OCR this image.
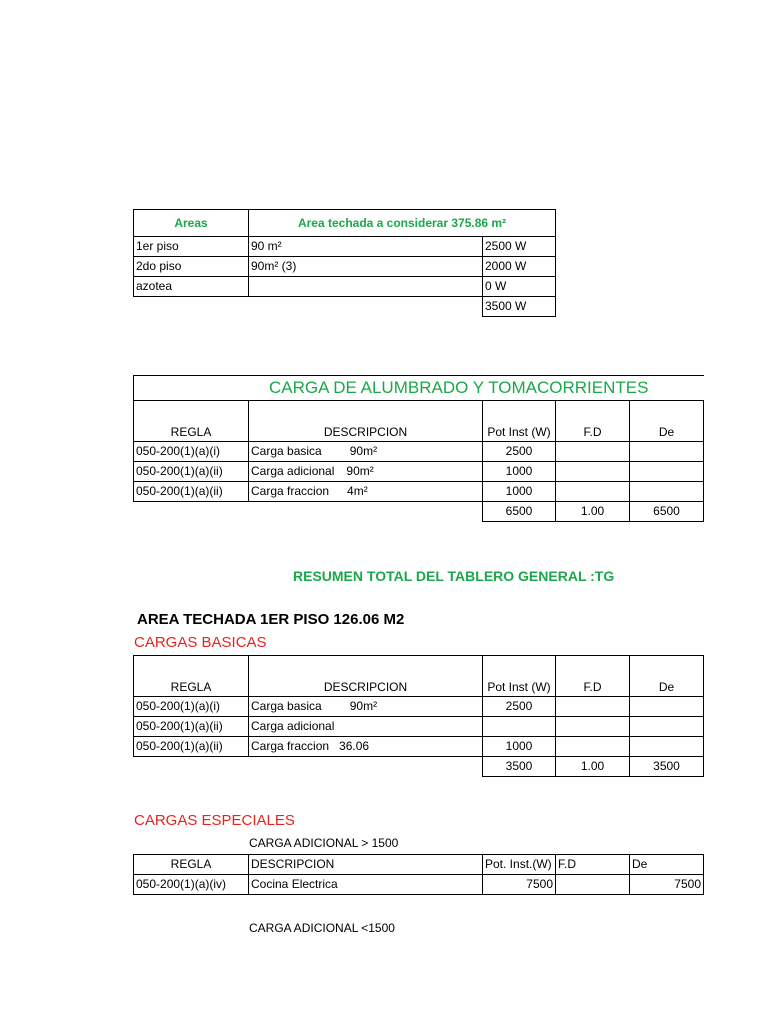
Areas	Area techada a considerar 375.86 m²	
1er piso	90 m²	2500 W
2do piso	90m² (3)	2000 W
azotea		0 W
		3500 W
CARGA DE ALUMBRADO Y TOMACORRIENTES				
REGLA	DESCRIPCION	Pot Inst (W)	F.D	De
050-200(1)(a)(i)	Carga basica 90m²	2500		
050-200(1)(a)(ii)	Carga adicional 90m²	1000		
050-200(1)(a)(ii)	Carga fraccion 4m²	1000		
		6500	1.00	6500
RESUMEN TOTAL DEL TABLERO GENERAL :TG
AREA TECHADA 1ER PISO 126.06 M2
CARGAS BASICAS
REGLA	DESCRIPCION	Pot Inst (W)	F.D	De
050-200(1)(a)(i)	Carga basica 90m²	2500		
050-200(1)(a)(ii)	Carga adicional			
050-200(1)(a)(ii)	Carga fraccion 36.06	1000		
		3500	1.00	3500
CARGAS ESPECIALES
CARGA ADICIONAL > 1500
REGLA	DESCRIPCION	Pot. Inst.(W)	F.D	De
050-200(1)(a)(iv)	Cocina Electrica	7500		7500
CARGA ADICIONAL <1500
